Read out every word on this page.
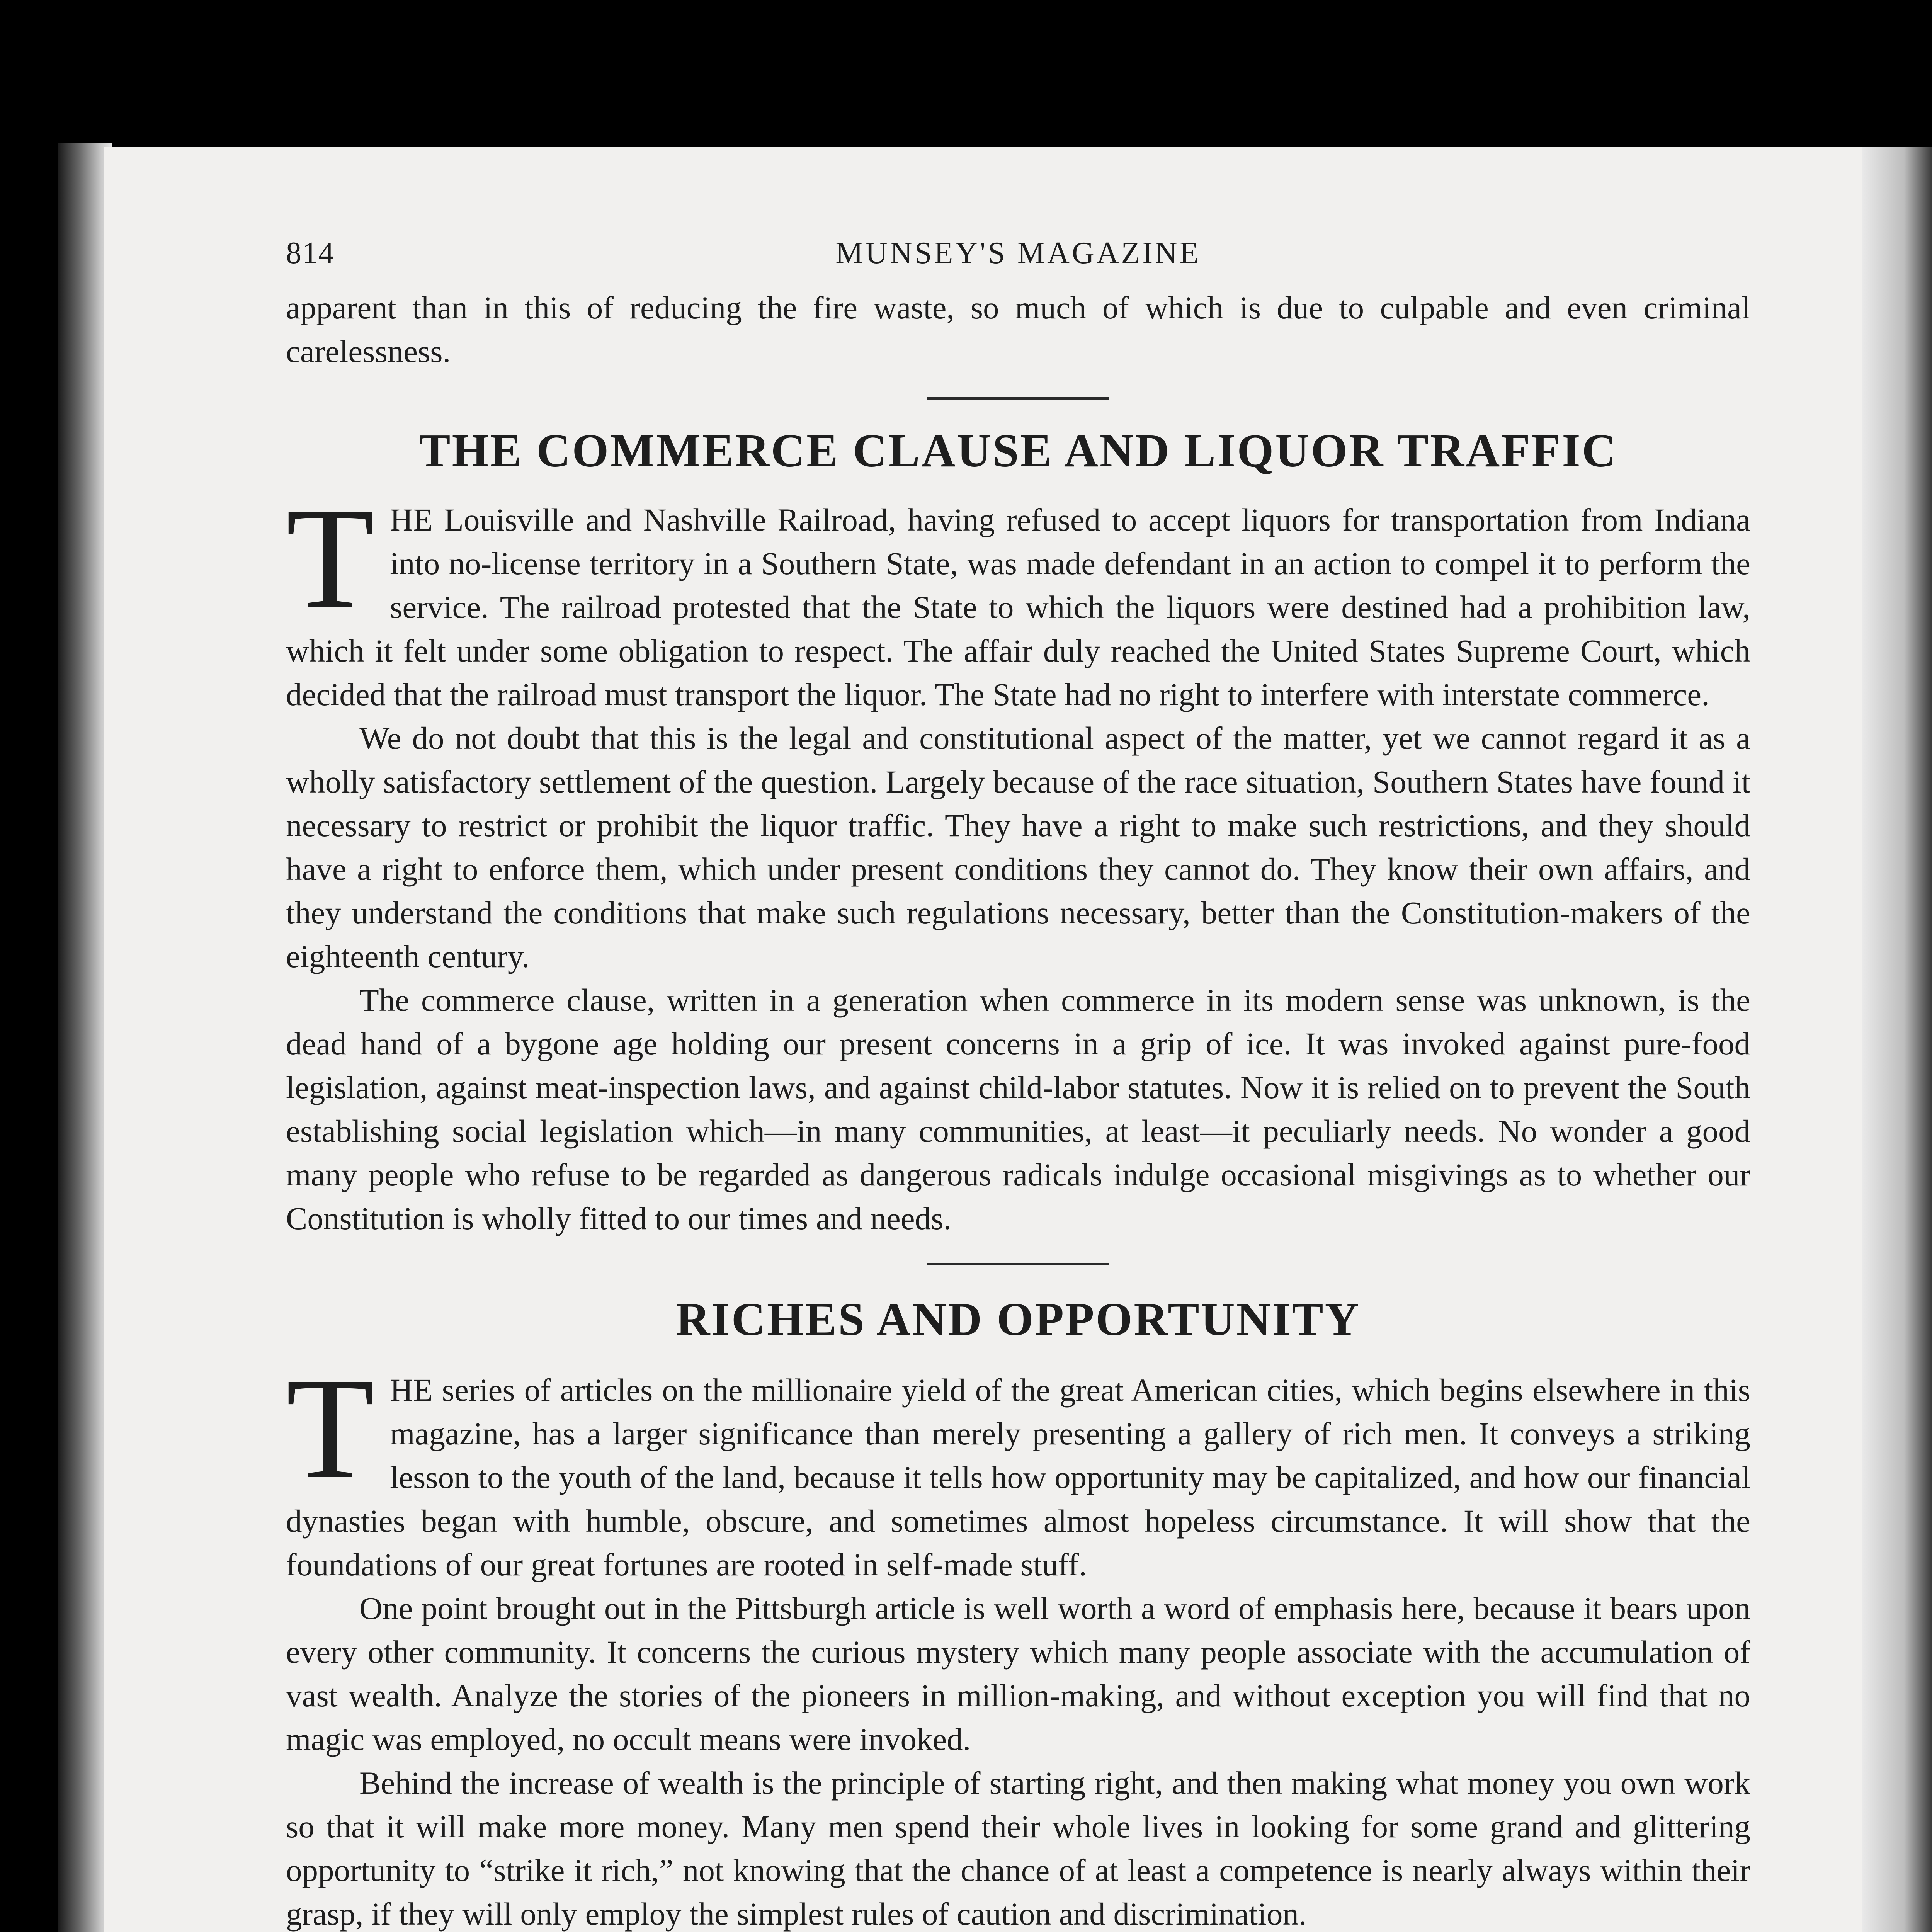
814	MUNSEY'S MAGAZINE

apparent than in this of reducing the fire waste, so much of which is due to culpable and even criminal carelessness.

THE COMMERCE CLAUSE AND LIQUOR TRAFFIC

T HE Louisville and Nashville Railroad, having refused to accept liquors for transportation from Indiana into no-license territory in a Southern State, was made defendant in an action to compel it to perform the service. The railroad protested that the State to which the liquors were destined had a prohibition law, which it felt under some obligation to respect. The affair duly reached the United States Supreme Court, which decided that the railroad must transport the liquor. The State had no right to interfere with interstate commerce.

We do not doubt that this is the legal and constitutional aspect of the matter, yet we cannot regard it as a wholly satisfactory settlement of the question. Largely because of the race situation, Southern States have found it necessary to restrict or prohibit the liquor traffic. They have a right to make such restrictions, and they should have a right to enforce them, which under present conditions they cannot do. They know their own affairs, and they understand the conditions that make such regulations necessary, better than the Constitution-makers of the eighteenth century.

The commerce clause, written in a generation when commerce in its modern sense was unknown, is the dead hand of a bygone age holding our present concerns in a grip of ice. It was invoked against pure-food legislation, against meat-inspection laws, and against child-labor statutes. Now it is relied on to prevent the South establishing social legislation which—in many communities, at least—it peculiarly needs. No wonder a good many people who refuse to be regarded as dangerous radicals indulge occasional misgivings as to whether our Constitution is wholly fitted to our times and needs.

RICHES AND OPPORTUNITY

T HE series of articles on the millionaire yield of the great American cities, which begins elsewhere in this magazine, has a larger significance than merely presenting a gallery of rich men. It conveys a striking lesson to the youth of the land, because it tells how opportunity may be capitalized, and how our financial dynasties began with humble, obscure, and sometimes almost hopeless circumstance. It will show that the foundations of our great fortunes are rooted in self-made stuff.

One point brought out in the Pittsburgh article is well worth a word of emphasis here, because it bears upon every other community. It concerns the curious mystery which many people associate with the accumulation of vast wealth. Analyze the stories of the pioneers in million-making, and without exception you will find that no magic was employed, no occult means were invoked.

Behind the increase of wealth is the principle of starting right, and then making what money you own work so that it will make more money. Many men spend their whole lives in looking for some grand and glittering opportunity to “strike it rich,” not knowing that the chance of at least a competence is nearly always within their grasp, if they will only employ the simplest rules of caution and discrimination.
